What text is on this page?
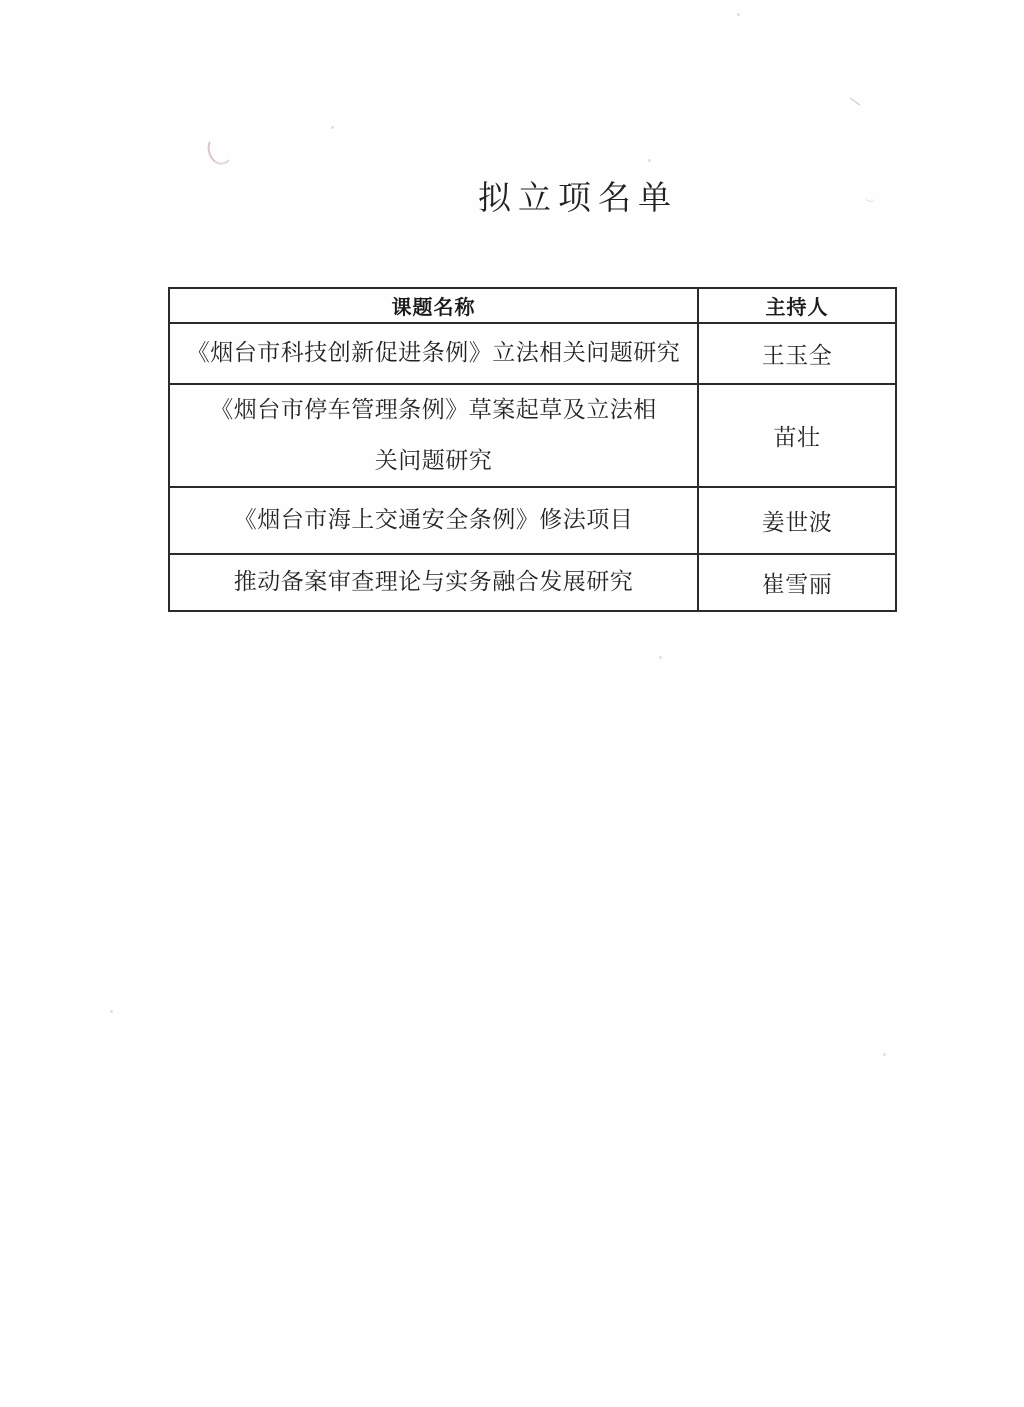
拟立项名单
课题名称	主持人

《烟台市科技创新促进条例》立法相关问题研究	王玉全

《烟台市停车管理条例》草案起草及立法相
关问题研究	苗壮

《烟台市海上交通安全条例》修法项目	姜世波

推动备案审查理论与实务融合发展研究	崔雪丽
